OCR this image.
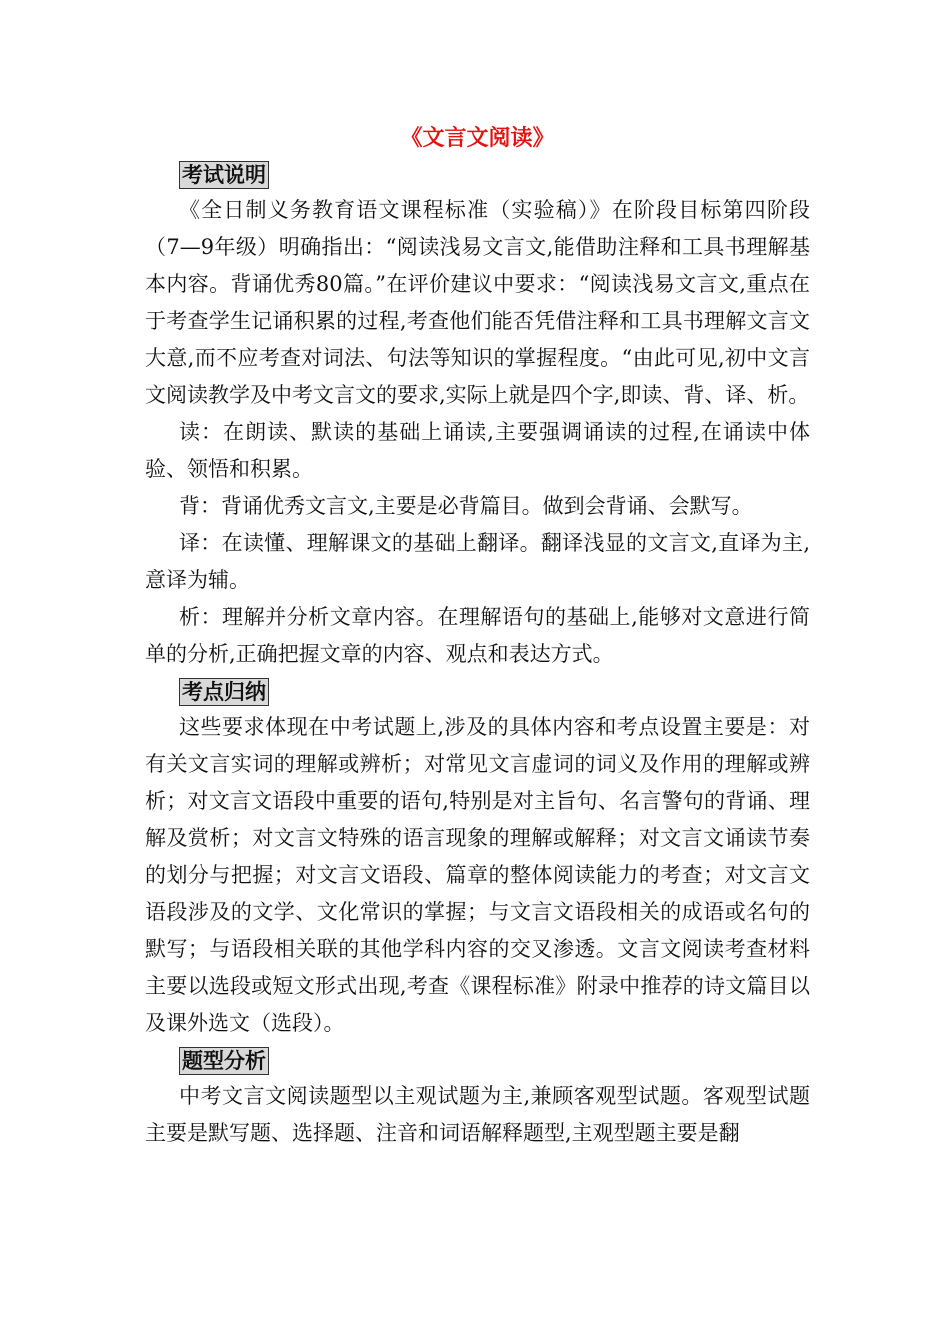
《文言文阅读》
考试说明

《全日制义务教育语文课程标准（实验稿）》在阶段目标第四阶段（7—9年级）明确指出：“阅读浅易文言文,能借助注释和工具书理解基本内容。背诵优秀80篇。”在评价建议中要求：“阅读浅易文言文,重点在于考查学生记诵积累的过程,考查他们能否凭借注释和工具书理解文言文大意,而不应考查对词法、句法等知识的掌握程度。“由此可见,初中文言文阅读教学及中考文言文的要求,实际上就是四个字,即读、背、译、析。

读：在朗读、默读的基础上诵读,主要强调诵读的过程,在诵读中体验、领悟和积累。

背：背诵优秀文言文,主要是必背篇目。做到会背诵、会默写。

译：在读懂、理解课文的基础上翻译。翻译浅显的文言文,直译为主,意译为辅。

析：理解并分析文章内容。在理解语句的基础上,能够对文意进行简单的分析,正确把握文章的内容、观点和表达方式。

考点归纳

这些要求体现在中考试题上,涉及的具体内容和考点设置主要是：对有关文言实词的理解或辨析；对常见文言虚词的词义及作用的理解或辨析；对文言文语段中重要的语句,特别是对主旨句、名言警句的背诵、理解及赏析；对文言文特殊的语言现象的理解或解释；对文言文诵读节奏的划分与把握；对文言文语段、篇章的整体阅读能力的考查；对文言文语段涉及的文学、文化常识的掌握；与文言文语段相关的成语或名句的默写；与语段相关联的其他学科内容的交叉渗透。文言文阅读考查材料主要以选段或短文形式出现,考查《课程标准》附录中推荐的诗文篇目以及课外选文（选段）。

题型分析

中考文言文阅读题型以主观试题为主,兼顾客观型试题。客观型试题主要是默写题、选择题、注音和词语解释题型,主观型题主要是翻
